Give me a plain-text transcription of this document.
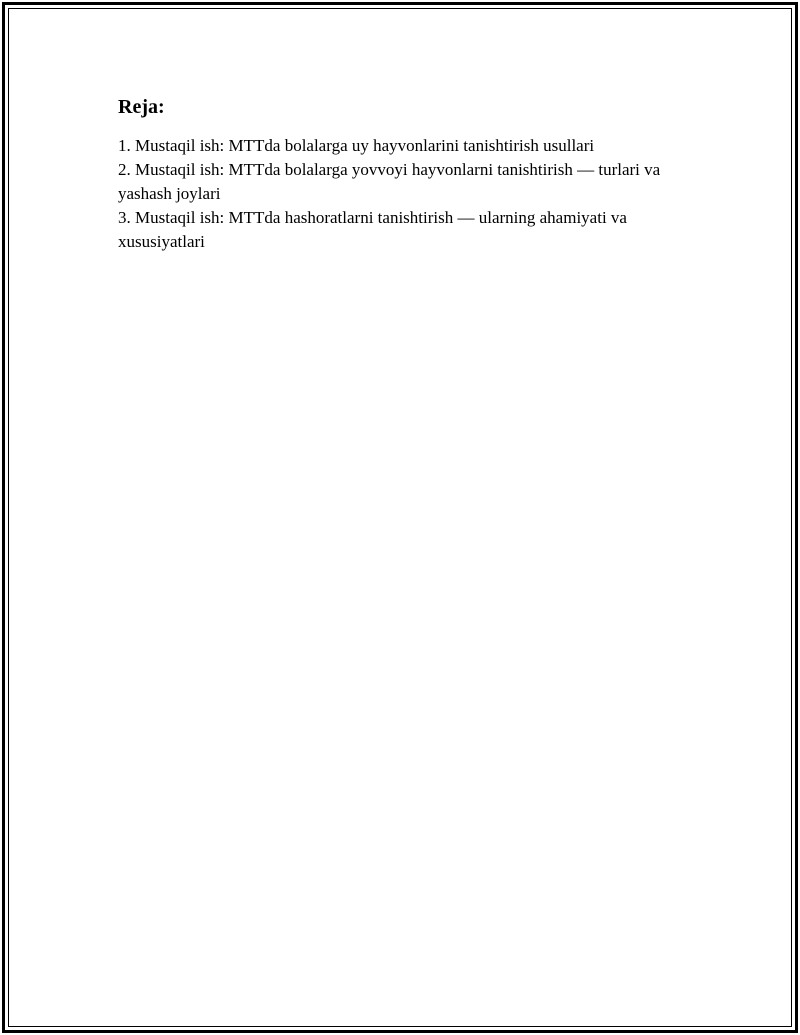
Reja:
1. Mustaqil ish: MTTda bolalarga uy hayvonlarini tanishtirish usullari
2. Mustaqil ish: MTTda bolalarga yovvoyi hayvonlarni tanishtirish — turlari va yashash joylari
3. Mustaqil ish: MTTda hashoratlarni tanishtirish — ularning ahamiyati va xususiyatlari
